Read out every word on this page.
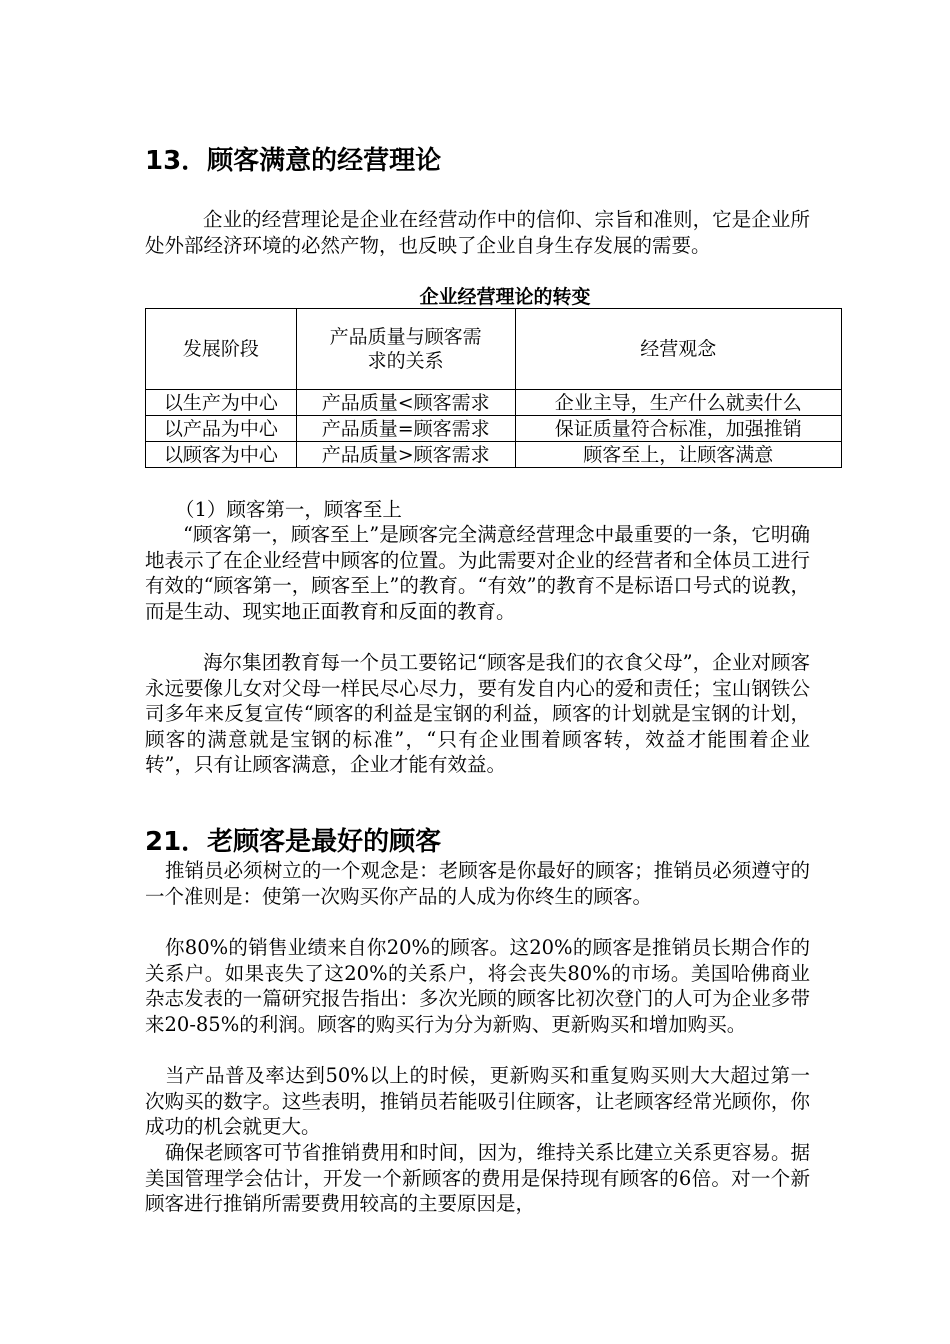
13．顾客满意的经营理论

企业的经营理论是企业在经营动作中的信仰、宗旨和准则，它是企业所处外部经济环境的必然产物，也反映了企业自身生存发展的需要。

企业经营理论的转变
发展阶段	产品质量与顾客需求的关系	经营观念
以生产为中心	产品质量<顾客需求	企业主导，生产什么就卖什么
以产品为中心	产品质量=顾客需求	保证质量符合标准，加强推销
以顾客为中心	产品质量>顾客需求	顾客至上，让顾客满意

（1）顾客第一，顾客至上

“顾客第一，顾客至上”是顾客完全满意经营理念中最重要的一条，它明确地表示了在企业经营中顾客的位置。为此需要对企业的经营者和全体员工进行有效的“顾客第一，顾客至上”的教育。“有效”的教育不是标语口号式的说教，而是生动、现实地正面教育和反面的教育。

海尔集团教育每一个员工要铭记“顾客是我们的衣食父母”，企业对顾客永远要像儿女对父母一样民尽心尽力，要有发自内心的爱和责任；宝山钢铁公司多年来反复宣传“顾客的利益是宝钢的利益，顾客的计划就是宝钢的计划，顾客的满意就是宝钢的标准”，“只有企业围着顾客转，效益才能围着企业转”，只有让顾客满意，企业才能有效益。

21．老顾客是最好的顾客

推销员必须树立的一个观念是：老顾客是你最好的顾客；推销员必须遵守的一个准则是：使第一次购买你产品的人成为你终生的顾客。

你80%的销售业绩来自你20%的顾客。这20%的顾客是推销员长期合作的关系户。如果丧失了这20%的关系户，将会丧失80%的市场。美国哈佛商业杂志发表的一篇研究报告指出：多次光顾的顾客比初次登门的人可为企业多带来20-85%的利润。顾客的购买行为分为新购、更新购买和增加购买。

当产品普及率达到50%以上的时候，更新购买和重复购买则大大超过第一次购买的数字。这些表明，推销员若能吸引住顾客，让老顾客经常光顾你，你成功的机会就更大。

确保老顾客可节省推销费用和时间，因为，维持关系比建立关系更容易。据美国管理学会估计，开发一个新顾客的费用是保持现有顾客的6倍。对一个新顾客进行推销所需要费用较高的主要原因是，
